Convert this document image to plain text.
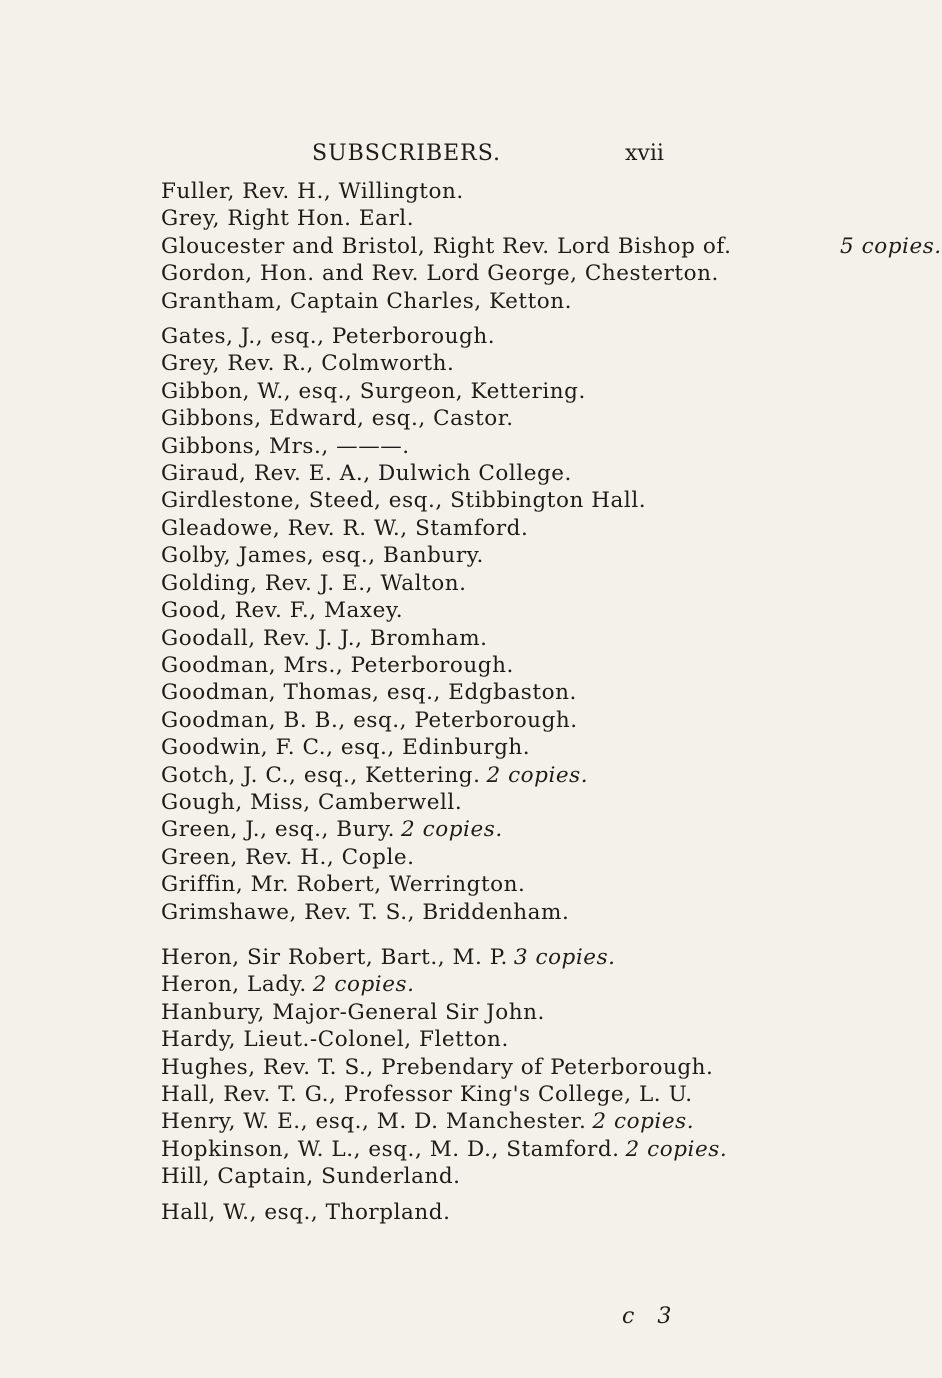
SUBSCRIBERS.	xvii
Fuller, Rev. H., Willington.
Grey, Right Hon. Earl.
Gloucester and Bristol, Right Rev. Lord Bishop of.	5 copies.
Gordon, Hon. and Rev. Lord George, Chesterton.
Grantham, Captain Charles, Ketton.
Gates, J., esq., Peterborough.
Grey, Rev. R., Colmworth.
Gibbon, W., esq., Surgeon, Kettering.
Gibbons, Edward, esq., Castor.
Gibbons, Mrs., ———.
Giraud, Rev. E. A., Dulwich College.
Girdlestone, Steed, esq., Stibbington Hall.
Gleadowe, Rev. R. W., Stamford.
Golby, James, esq., Banbury.
Golding, Rev. J. E., Walton.
Good, Rev. F., Maxey.
Goodall, Rev. J. J., Bromham.
Goodman, Mrs., Peterborough.
Goodman, Thomas, esq., Edgbaston.
Goodman, B. B., esq., Peterborough.
Goodwin, F. C., esq., Edinburgh.
Gotch, J. C., esq., Kettering. 2 copies.
Gough, Miss, Camberwell.
Green, J., esq., Bury. 2 copies.
Green, Rev. H., Cople.
Griffin, Mr. Robert, Werrington.
Grimshawe, Rev. T. S., Briddenham.
Heron, Sir Robert, Bart., M. P. 3 copies.
Heron, Lady. 2 copies.
Hanbury, Major-General Sir John.
Hardy, Lieut.-Colonel, Fletton.
Hughes, Rev. T. S., Prebendary of Peterborough.
Hall, Rev. T. G., Professor King's College, L. U.
Henry, W. E., esq., M. D. Manchester. 2 copies.
Hopkinson, W. L., esq., M. D., Stamford. 2 copies.
Hill, Captain, Sunderland.
Hall, W., esq., Thorpland.
c 3
